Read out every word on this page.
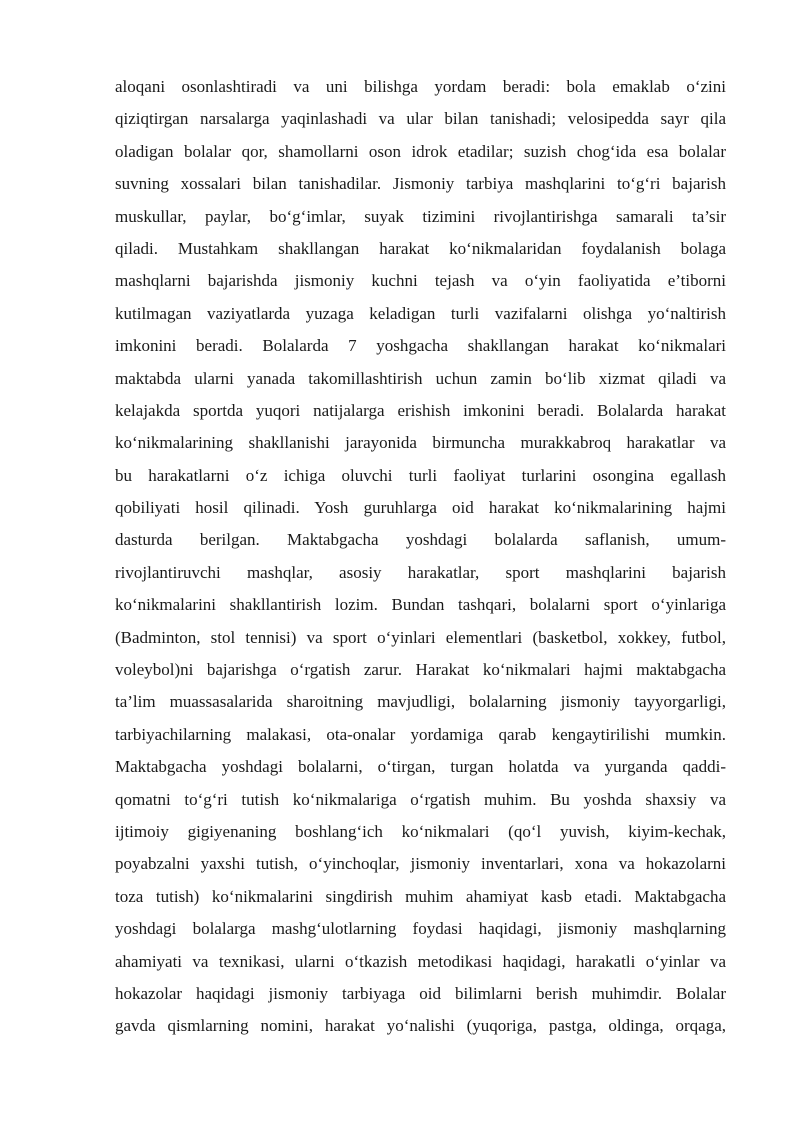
aloqani osonlashtiradi va uni bilishga yordam beradi: bola emaklab o‘zini
qiziqtirgan narsalarga yaqinlashadi va ular bilan tanishadi; velosipedda sayr qila
oladigan bolalar qor, shamollarni oson idrok etadilar; suzish chog‘ida esa bolalar
suvning xossalari bilan tanishadilar. Jismoniy tarbiya mashqlarini to‘g‘ri bajarish
muskullar, paylar, bo‘g‘imlar, suyak tizimini rivojlantirishga samarali ta’sir
qiladi. Mustahkam shakllangan harakat ko‘nikmalaridan foydalanish bolaga
mashqlarni bajarishda jismoniy kuchni tejash va o‘yin faoliyatida e’tiborni
kutilmagan vaziyatlarda yuzaga keladigan turli vazifalarni olishga yo‘naltirish
imkonini beradi. Bolalarda 7 yoshgacha shakllangan harakat ko‘nikmalari
maktabda ularni yanada takomillashtirish uchun zamin bo‘lib xizmat qiladi va
kelajakda sportda yuqori natijalarga erishish imkonini beradi. Bolalarda harakat
ko‘nikmalarining shakllanishi jarayonida birmuncha murakkabroq harakatlar va
bu harakatlarni o‘z ichiga oluvchi turli faoliyat turlarini osongina egallash
qobiliyati hosil qilinadi. Yosh guruhlarga oid harakat ko‘nikmalarining hajmi
dasturda berilgan. Maktabgacha yoshdagi bolalarda saflanish, umum-
rivojlantiruvchi mashqlar, asosiy harakatlar, sport mashqlarini bajarish
ko‘nikmalarini shakllantirish lozim. Bundan tashqari, bolalarni sport o‘yinlariga
(Badminton, stol tennisi) va sport o‘yinlari elementlari (basketbol, xokkey, futbol,
voleybol)ni bajarishga o‘rgatish zarur. Harakat ko‘nikmalari hajmi maktabgacha
ta’lim muassasalarida sharoitning mavjudligi, bolalarning jismoniy tayyorgarligi,
tarbiyachilarning malakasi, ota-onalar yordamiga qarab kengaytirilishi mumkin.
Maktabgacha yoshdagi bolalarni, o‘tirgan, turgan holatda va yurganda qaddi-
qomatni to‘g‘ri tutish ko‘nikmalariga o‘rgatish muhim. Bu yoshda shaxsiy va
ijtimoiy gigiyenaning boshlang‘ich ko‘nikmalari (qo‘l yuvish, kiyim-kechak,
poyabzalni yaxshi tutish, o‘yinchoqlar, jismoniy inventarlari, xona va hokazolarni
toza tutish) ko‘nikmalarini singdirish muhim ahamiyat kasb etadi. Maktabgacha
yoshdagi bolalarga mashg‘ulotlarning foydasi haqidagi, jismoniy mashqlarning
ahamiyati va texnikasi, ularni o‘tkazish metodikasi haqidagi, harakatli o‘yinlar va
hokazolar haqidagi jismoniy tarbiyaga oid bilimlarni berish muhimdir. Bolalar
gavda qismlarning nomini, harakat yo‘nalishi (yuqoriga, pastga, oldinga, orqaga,
